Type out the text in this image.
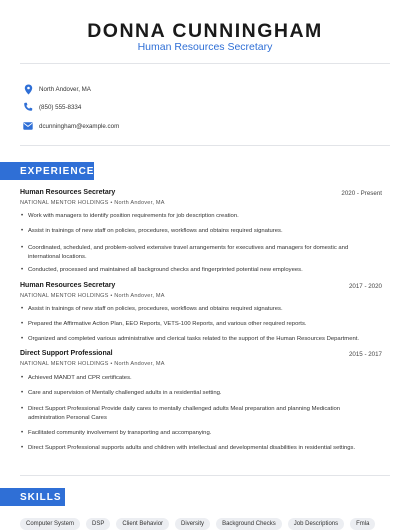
DONNA CUNNINGHAM
Human Resources Secretary
North Andover, MA
(850) 555-8334
dcunningham@example.com
EXPERIENCE
Human Resources Secretary	2020 - Present
NATIONAL MENTOR HOLDINGS • North Andover, MA
• Work with managers to identify position requirements for job description creation.
• Assist in trainings of new staff on policies, procedures, workflows and obtains required signatures.
• Coordinated, scheduled, and problem-solved extensive travel arrangements for executives and managers for domestic and
international locations.
• Conducted, processed and maintained all background checks and fingerprinted potential new employees.
Human Resources Secretary	2017 - 2020
NATIONAL MENTOR HOLDINGS • North Andover, MA
• Assist in trainings of new staff on policies, procedures, workflows and obtains required signatures.
• Prepared the Affirmative Action Plan, EEO Reports, VETS-100 Reports, and various other required reports.
• Organized and completed various administrative and clerical tasks related to the support of the Human Resources Department.
Direct Support Professional	2015 - 2017
NATIONAL MENTOR HOLDINGS • North Andover, MA
• Achieved MANDT and CPR certificates.
• Care and supervision of Mentally challenged adults in a residential setting.
• Direct Support Professional Provide daily cares to mentally challenged adults Meal preparation and planning Medication
administration Personal Cares
• Facilitated community involvement by transporting and accompanying.
• Direct Support Professional supports adults and children with intellectual and developmental disabilities in residential settings.
SKILLS
Computer System	DSP	Client Behavior	Diversity	Background Checks	Job Descriptions	Fmla
